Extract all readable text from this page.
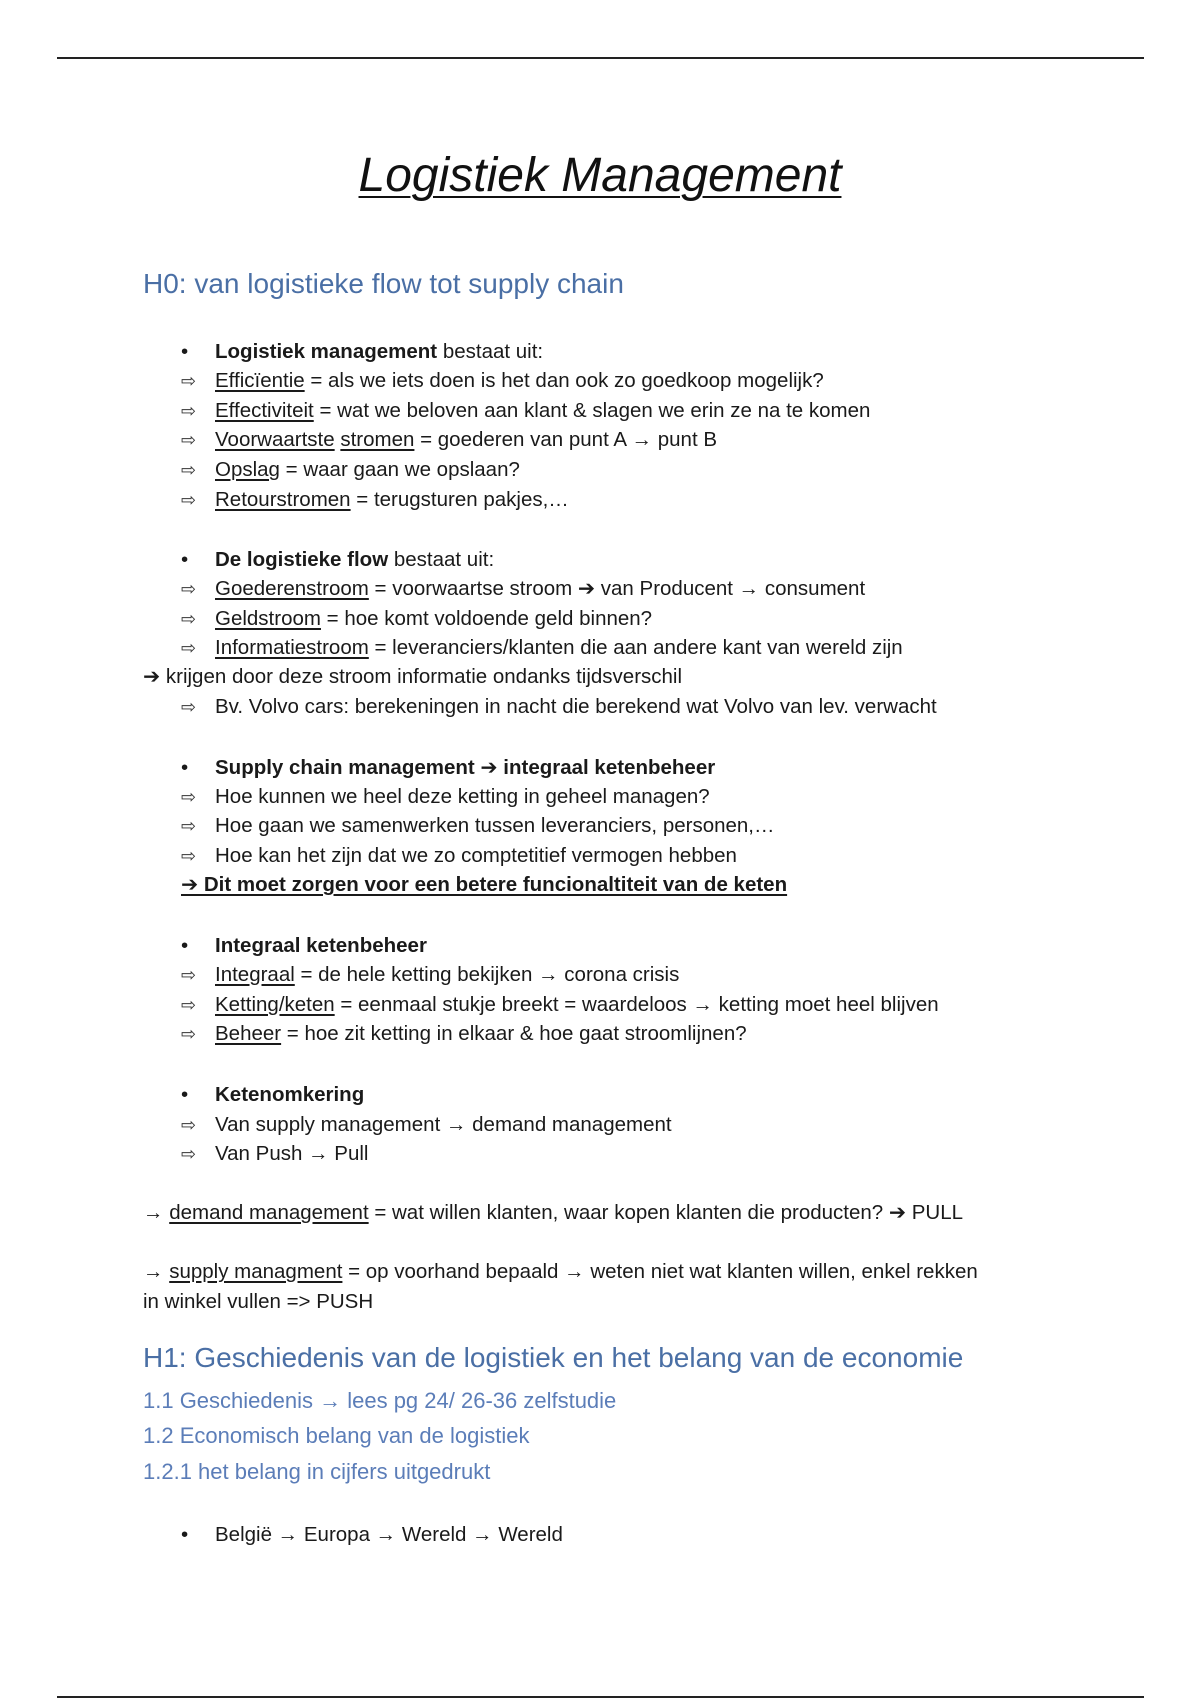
Logistiek Management
H0: van logistieke flow tot supply chain
• Logistiek management bestaat uit:
⇨ Efficïentie = als we iets doen is het dan ook zo goedkoop mogelijk?
⇨ Effectiviteit = wat we beloven aan klant & slagen we erin ze na te komen
⇨ Voorwaartste stromen = goederen van punt A → punt B
⇨ Opslag = waar gaan we opslaan?
⇨ Retourstromen = terugsturen pakjes,…
• De logistieke flow bestaat uit:
⇨ Goederenstroom = voorwaartse stroom ➔ van Producent → consument
⇨ Geldstroom = hoe komt voldoende geld binnen?
⇨ Informatiestroom = leveranciers/klanten die aan andere kant van wereld zijn
➔ krijgen door deze stroom informatie ondanks tijdsverschil
⇨ Bv. Volvo cars: berekeningen in nacht die berekend wat Volvo van lev. verwacht
• Supply chain management ➔ integraal ketenbeheer
⇨ Hoe kunnen we heel deze ketting in geheel managen?
⇨ Hoe gaan we samenwerken tussen leveranciers, personen,…
⇨ Hoe kan het zijn dat we zo comptetitief vermogen hebben
➔ Dit moet zorgen voor een betere funcionaltiteit van de keten
• Integraal ketenbeheer
⇨ Integraal = de hele ketting bekijken → corona crisis
⇨ Ketting/keten = eenmaal stukje breekt = waardeloos → ketting moet heel blijven
⇨ Beheer = hoe zit ketting in elkaar & hoe gaat stroomlijnen?
• Ketenomkering
⇨ Van supply management → demand management
⇨ Van Push → Pull
→ demand management = wat willen klanten, waar kopen klanten die producten? ➔ PULL
→ supply managment = op voorhand bepaald → weten niet wat klanten willen, enkel rekken
in winkel vullen => PUSH
H1: Geschiedenis van de logistiek en het belang van de economie
1.1 Geschiedenis → lees pg 24/ 26-36 zelfstudie
1.2 Economisch belang van de logistiek
1.2.1 het belang in cijfers uitgedrukt
• België → Europa → Wereld → Wereld
